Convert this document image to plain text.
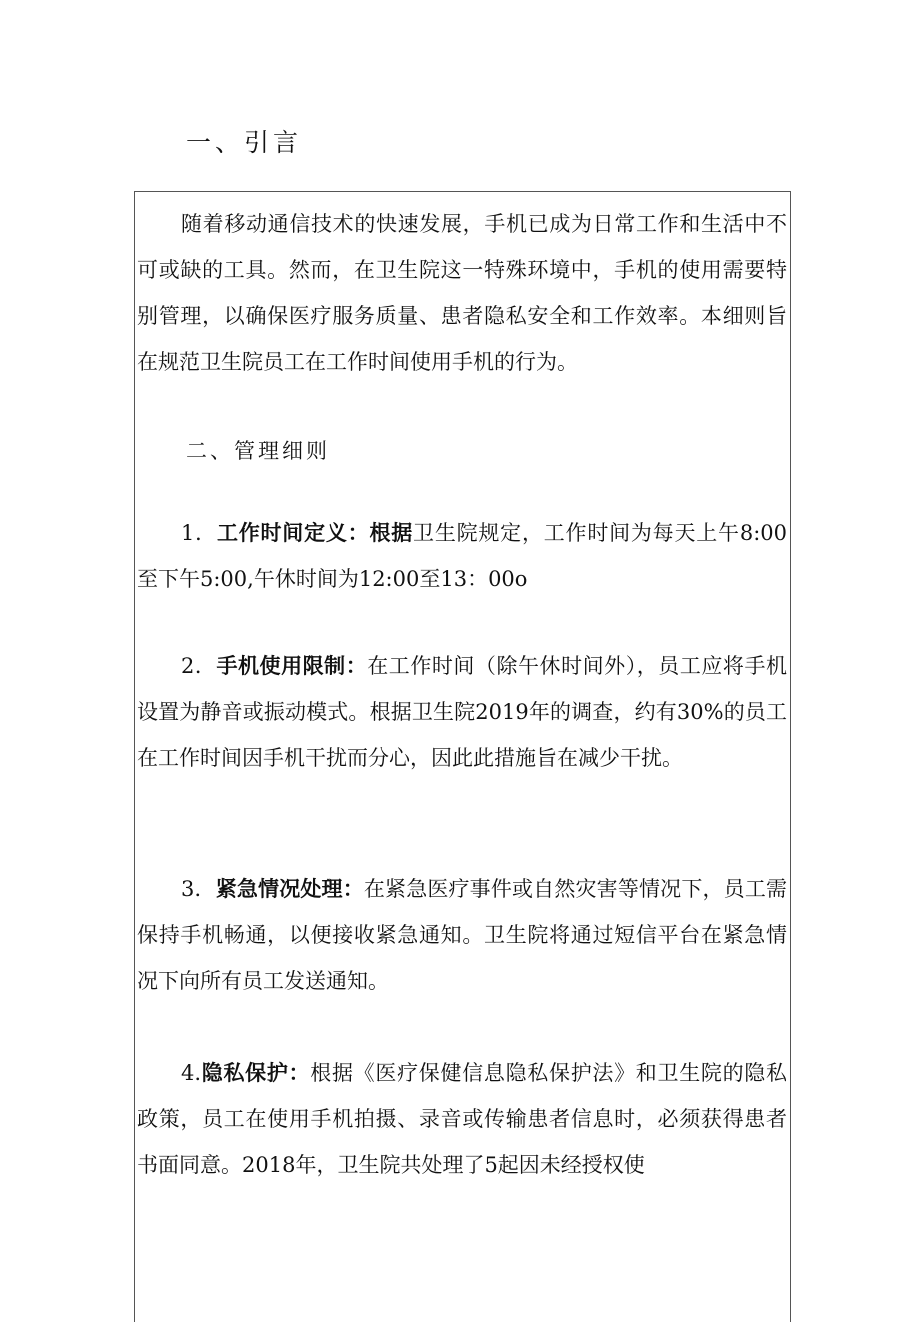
一、引言

随着移动通信技术的快速发展，手机已成为日常工作和生活中不可或缺的工具。然而，在卫生院这一特殊环境中，手机的使用需要特别管理，以确保医疗服务质量、患者隐私安全和工作效率。本细则旨在规范卫生院员工在工作时间使用手机的行为。

二、管理细则

1．工作时间定义：根据卫生院规定，工作时间为每天上午8:00至下午5:00,午休时间为12:00至13：00o

2．手机使用限制：在工作时间（除午休时间外），员工应将手机设置为静音或振动模式。根据卫生院2019年的调查，约有30%的员工在工作时间因手机干扰而分心，因此此措施旨在减少干扰。

3．紧急情况处理：在紧急医疗事件或自然灾害等情况下，员工需保持手机畅通，以便接收紧急通知。卫生院将通过短信平台在紧急情况下向所有员工发送通知。

4.隐私保护：根据《医疗保健信息隐私保护法》和卫生院的隐私政策，员工在使用手机拍摄、录音或传输患者信息时，必须获得患者书面同意。2018年，卫生院共处理了5起因未经授权使
